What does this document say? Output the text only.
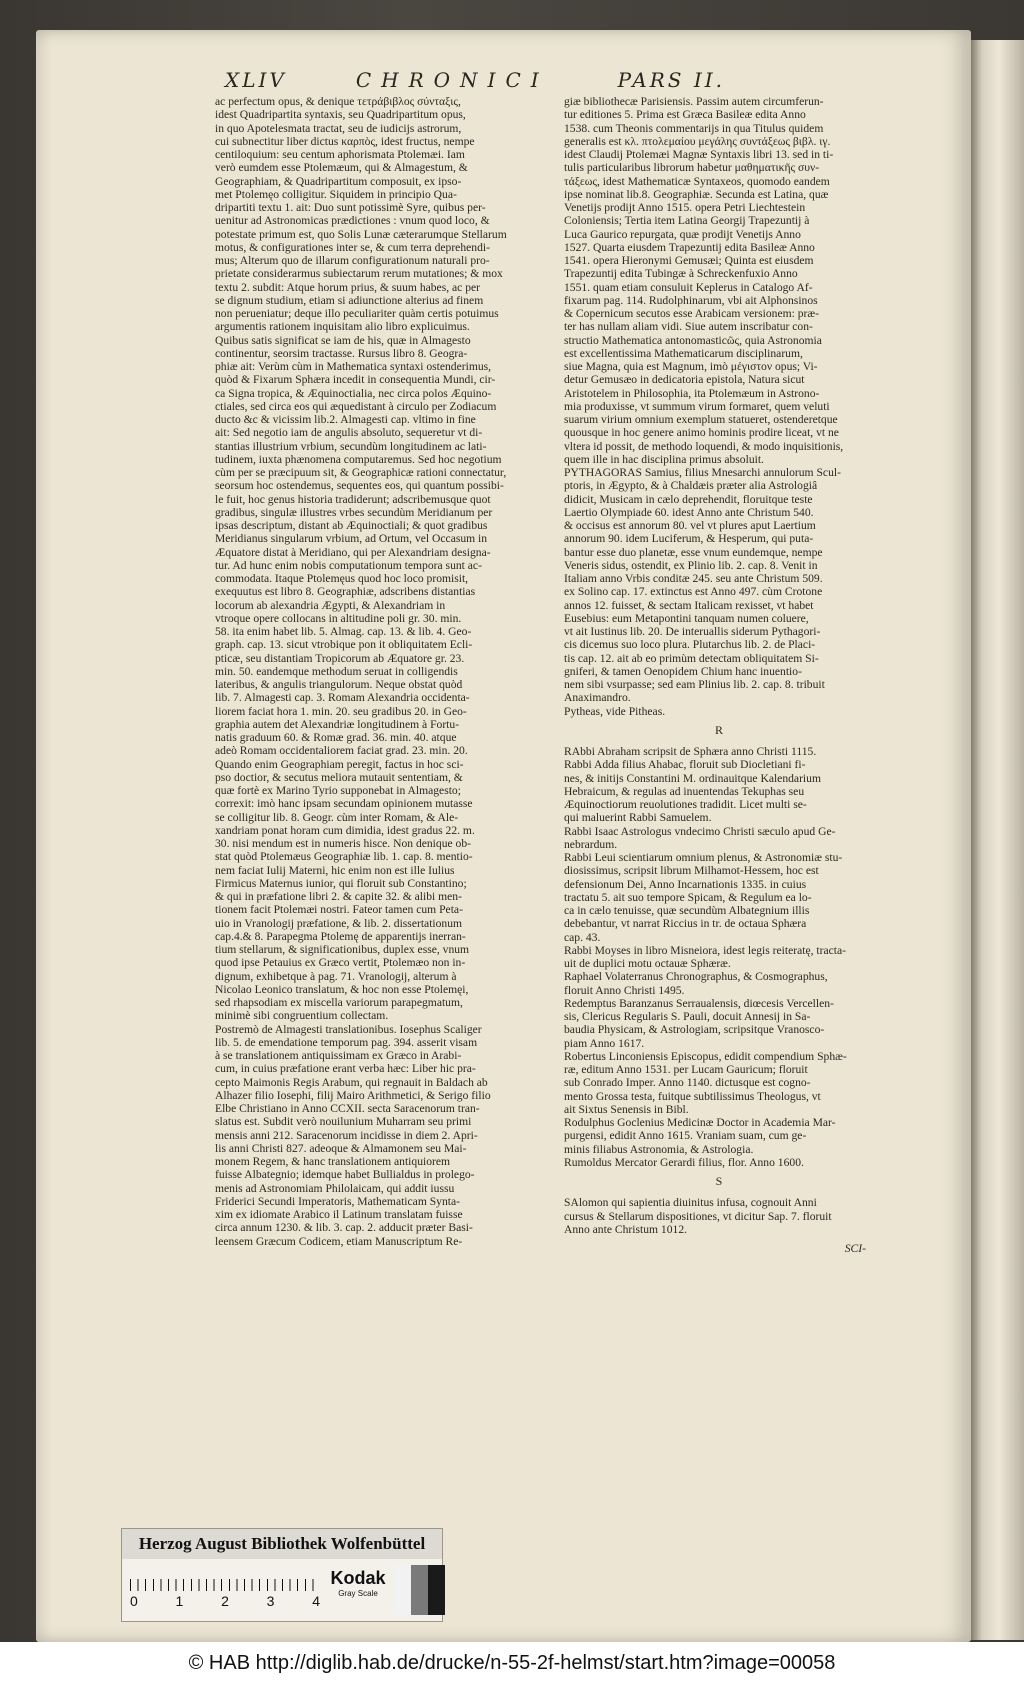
XLIV	CHRONICI	PARS II.

ac perfectum opus, & denique τετράβιβλος σύνταξις,

idest Quadripartita syntaxis, seu Quadripartitum opus,

in quo Apotelesmata tractat, seu de iudicijs astrorum,

cui subnectitur liber dictus καρπὸς, idest fructus, nempe

centiloquium: seu centum aphorismata Ptolemæi. Iam

verò eumdem esse Ptolemæum, qui & Almagestum, &

Geographiam, & Quadripartitum composuit, ex ipso-

met Ptolemęo colligitur. Siquidem in principio Qua-

dripartiti textu 1. ait: Duo sunt potissimè Syre, quibus per-

uenitur ad Astronomicas prædictiones : vnum quod loco, &

potestate primum est, quo Solis Lunæ cæterarumque Stellarum

motus, & configurationes inter se, & cum terra deprehendi-

mus; Alterum quo de illarum configurationum naturali pro-

prietate considerarmus subiectarum rerum mutationes; & mox

textu 2. subdit: Atque horum prius, & suum habes, ac per

se dignum studium, etiam si adiunctione alterius ad finem

non perueniatur; deque illo peculiariter quàm certis potuimus

argumentis rationem inquisitam alio libro explicuimus.

Quibus satis significat se iam de his, quæ in Almagesto

continentur, seorsim tractasse. Rursus libro 8. Geogra-

phiæ ait: Verùm cùm in Mathematica syntaxi ostenderimus,

quòd & Fixarum Sphæra incedit in consequentia Mundi, cir-

ca Signa tropica, & Æquinoctialia, nec circa polos Æquino-

ctiales, sed circa eos qui æquedistant à circulo per Zodiacum

ducto &c & vicissim lib.2. Almagesti cap. vltimo in fine

ait: Sed negotio iam de angulis absoluto, sequeretur vt di-

stantias illustrium vrbium, secundùm longitudinem ac lati-

tudinem, iuxta phænomena computaremus. Sed hoc negotium

cùm per se præcipuum sit, & Geographicæ rationi connectatur,

seorsum hoc ostendemus, sequentes eos, qui quantum possibi-

le fuit, hoc genus historia tradiderunt; adscribemusque quot

gradibus, singulæ illustres vrbes secundùm Meridianum per

ipsas descriptum, distant ab Æquinoctiali; & quot gradibus

Meridianus singularum vrbium, ad Ortum, vel Occasum in

Æquatore distat à Meridiano, qui per Alexandriam designa-

tur. Ad hunc enim nobis computationum tempora sunt ac-

commodata. Itaque Ptolemęus quod hoc loco promisit,

exequutus est libro 8. Geographiæ, adscribens distantias

locorum ab alexandria Ægypti, & Alexandriam in

vtroque opere collocans in altitudine poli gr. 30. min.

58. ita enim habet lib. 5. Almag. cap. 13. & lib. 4. Geo-

graph. cap. 13. sicut vtrobique pon it obliquitatem Ecli-

pticæ, seu distantiam Tropicorum ab Æquatore gr. 23.

min. 50. eandemque methodum seruat in colligendis

lateribus, & angulis triangulorum. Neque obstat quòd

lib. 7. Almagesti cap. 3. Romam Alexandria occidenta-

liorem faciat hora 1. min. 20. seu gradibus 20. in Geo-

graphia autem det Alexandriæ longitudinem à Fortu-

natis graduum 60. & Romæ grad. 36. min. 40. atque

adeò Romam occidentaliorem faciat grad. 23. min. 20.

Quando enim Geographiam peregit, factus in hoc sci-

pso doctior, & secutus meliora mutauit sententiam, &

quæ fortè ex Marino Tyrio supponebat in Almagesto;

correxit: imò hanc ipsam secundam opinionem mutasse

se colligitur lib. 8. Geogr. cùm inter Romam, & Ale-

xandriam ponat horam cum dimidia, idest gradus 22. m.

30. nisi mendum est in numeris hisce. Non denique ob-

stat quòd Ptolemæus Geographiæ lib. 1. cap. 8. mentio-

nem faciat Iulij Materni, hic enim non est ille Iulius

Firmicus Maternus iunior, qui floruit sub Constantino;

& qui in præfatione libri 2. & capite 32. & alibi men-

tionem facit Ptolemæi nostri. Fateor tamen cum Peta-

uio in Vranologij præfatione, & lib. 2. dissertationum

cap.4.& 8. Parapegma Ptolemę de apparentijs inerran-

tium stellarum, & significationibus, duplex esse, vnum

quod ipse Petauius ex Græco vertit, Ptolemæo non in-

dignum, exhibetque à pag. 71. Vranologij, alterum à

Nicolao Leonico translatum, & hoc non esse Ptolemęi,

sed rhapsodiam ex miscella variorum parapegmatum,

minimè sibi congruentium collectam.

Postremò de Almagesti translationibus. Iosephus Scaliger

lib. 5. de emendatione temporum pag. 394. asserit visam

à se translationem antiquissimam ex Græco in Arabi-

cum, in cuius præfatione erant verba hæc: Liber hic pra-

cepto Maimonis Regis Arabum, qui regnauit in Baldach ab

Alhazer filio Iosephi, filij Mairo Arithmetici, & Serigo filio

Elbe Christiano in Anno CCXII. secta Saracenorum tran-

slatus est. Subdit verò nouilunium Muharram seu primi

mensis anni 212. Saracenorum incidisse in diem 2. Apri-

lis anni Christi 827. adeoque & Almamonem seu Mai-

monem Regem, & hanc translationem antiquiorem

fuisse Albategnio; idemque habet Bullialdus in prolego-

menis ad Astronomiam Philolaicam, qui addit iussu

Friderici Secundi Imperatoris, Mathematicam Synta-

xim ex idiomate Arabico il Latinum translatam fuisse

circa annum 1230. & lib. 3. cap. 2. adducit præter Basi-

leensem Græcum Codicem, etiam Manuscriptum Re-

giæ bibliothecæ Parisiensis. Passim autem circumferun-

tur editiones 5. Prima est Græca Basileæ edita Anno

1538. cum Theonis commentarijs in qua Titulus quidem

generalis est κλ. πτολεμαίου μεγάλης συντάξεως βιβλ. ιγ.

idest Claudij Ptolemæi Magnæ Syntaxis libri 13. sed in ti-

tulis particularibus librorum habetur μαθηματικῆς συν-

τάξεως, idest Mathematicæ Syntaxeos, quomodo eandem

ipse nominat lib.8. Geographiæ. Secunda est Latina, quæ

Venetijs prodijt Anno 1515. opera Petri Liechtestein

Coloniensis; Tertia item Latina Georgij Trapezuntij à

Luca Gaurico repurgata, quæ prodijt Venetijs Anno

1527. Quarta eiusdem Trapezuntij edita Basileæ Anno

1541. opera Hieronymi Gemusæi; Quinta est eiusdem

Trapezuntij edita Tubingæ à Schreckenfuxio Anno

1551. quam etiam consuluit Keplerus in Catalogo Af-

fixarum pag. 114. Rudolphinarum, vbi ait Alphonsinos

& Copernicum secutos esse Arabicam versionem: præ-

ter has nullam aliam vidi. Siue autem inscribatur con-

structio Mathematica antonomasticῶς, quia Astronomia

est excellentissima Mathematicarum disciplinarum,

siue Magna, quia est Magnum, imò μέγιστον opus; Vi-

detur Gemusæo in dedicatoria epistola, Natura sicut

Aristotelem in Philosophia, ita Ptolemæum in Astrono-

mia produxisse, vt summum virum formaret, quem veluti

suarum virium omnium exemplum statueret, ostenderetque

quousque in hoc genere animo hominis prodire liceat, vt ne

vltera id possit, de methodo loquendi, & modo inquisitionis,

quem ille in hac disciplina primus absoluit.

PYTHAGORAS Samius, filius Mnesarchi annulorum Scul-

ptoris, in Ægypto, & à Chaldæis præter alia Astrologiâ

didicit, Musicam in cælo deprehendit, floruitque teste

Laertio Olympiade 60. idest Anno ante Christum 540.

& occisus est annorum 80. vel vt plures aput Laertium

annorum 90. idem Luciferum, & Hesperum, qui puta-

bantur esse duo planetæ, esse vnum eundemque, nempe

Veneris sidus, ostendit, ex Plinio lib. 2. cap. 8. Venit in

Italiam anno Vrbis conditæ 245. seu ante Christum 509.

ex Solino cap. 17. extinctus est Anno 497. cùm Crotone

annos 12. fuisset, & sectam Italicam rexisset, vt habet

Eusebius: eum Metapontini tanquam numen coluere,

vt ait Iustinus lib. 20. De interuallis siderum Pythagori-

cis dicemus suo loco plura. Plutarchus lib. 2. de Placi-

tis cap. 12. ait ab eo primùm detectam obliquitatem Si-

gniferi, & tamen Oenopidem Chium hanc inuentio-

nem sibi vsurpasse; sed eam Plinius lib. 2. cap. 8. tribuit

Anaximandro.

Pytheas, vide Pitheas.

R

RAbbi Abraham scripsit de Sphæra anno Christi 1115.

Rabbi Adda filius Ahabac, floruit sub Diocletiani fi-

nes, & initijs Constantini M. ordinauitque Kalendarium

Hebraicum, & regulas ad inuentendas Tekuphas seu

Æquinoctiorum reuolutiones tradidit. Licet multi se-

qui maluerint Rabbi Samuelem.

Rabbi Isaac Astrologus vndecimo Christi sæculo apud Ge-

nebrardum.

Rabbi Leui scientiarum omnium plenus, & Astronomiæ stu-

diosissimus, scripsit librum Milhamot-Hessem, hoc est

defensionum Dei, Anno Incarnationis 1335. in cuius

tractatu 5. ait suo tempore Spicam, & Regulum ea lo-

ca in cælo tenuisse, quæ secundùm Albategnium illis

debebantur, vt narrat Riccius in tr. de octaua Sphæra

cap. 43.

Rabbi Moyses in libro Misneiora, idest legis reiteratę, tracta-

uit de duplici motu octauæ Sphæræ.

Raphael Volaterranus Chronographus, & Cosmographus,

floruit Anno Christi 1495.

Redemptus Baranzanus Serraualensis, diœcesis Vercellen-

sis, Clericus Regularis S. Pauli, docuit Annesij in Sa-

baudia Physicam, & Astrologiam, scripsitque Vranosco-

piam Anno 1617.

Robertus Linconiensis Episcopus, edidit compendium Sphæ-

ræ, editum Anno 1531. per Lucam Gauricum; floruit

sub Conrado Imper. Anno 1140. dictusque est cogno-

mento Grossa testa, fuitque subtilissimus Theologus, vt

ait Sixtus Senensis in Bibl.

Rodulphus Goclenius Medicinæ Doctor in Academia Mar-

purgensi, edidit Anno 1615. Vraniam suam, cum ge-

minis filiabus Astronomia, & Astrologia.

Rumoldus Mercator Gerardi filius, flor. Anno 1600.

S

SAlomon qui sapientia diuinitus infusa, cognouit Anni

cursus & Stellarum dispositiones, vt dicitur Sap. 7. floruit

Anno ante Christum 1012.

SCI-
Herzog August Bibliothek Wolfenbüttel
0	1	2	3	4
Kodak
Gray Scale
© HAB http://diglib.hab.de/drucke/n-55-2f-helmst/start.htm?image=00058
